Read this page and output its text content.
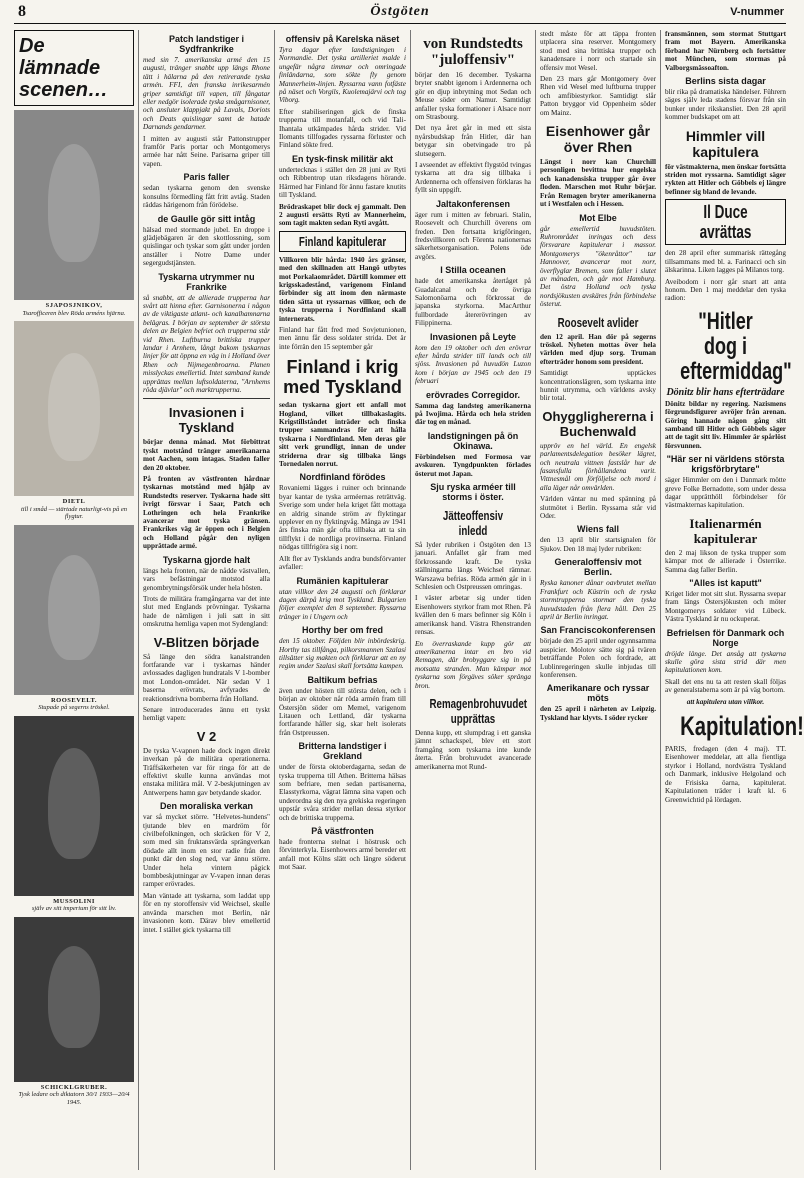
8	Östgöten	V-nummer
De lämnade scenen…
SJAPOSJNIKOV,
Tsarofficeren blev Röda arméns hjärna.
DIETL
till i småd — stärtade naturligt-vis på en flygtur.
ROOSEVELT.
Stupade på segerns tröskel.
MUSSOLINI
själv av sitt imperium för sitt liv.
SCHICKLGRUBER.
Tysk ledare och diktatorn 30/1 1933—20/4 1945.
Patch landstiger i Sydfrankrike

med sin 7. amerikanska armé den 15 augusti, tränger snabbt upp längs Rhone tätt i hälarna på den retirerande tyska armén. FFI, den franska inrikesarmén griper samtidigt till vapen, till fångatar eller nedgör isolerade tyska smågarnisoner, och ansluter klappjakt på Lavals, Doriots och Deats quislingar samt de hatade Darnands gendarmer.

I mitten av augusti står Pattonstrupper framför Paris portar och Montgomerys armée har nått Seine. Parisarna griper till vapen.

Paris faller

sedan tyskarna genom den svenske konsulns förmedling fått fritt avtåg. Staden räddas härigenom från förödelse.

de Gaulle gör sitt intåg

hälsad med stormande jubel. En droppe i glädjebägaren är den skottlossning, som quislingar och tyskar som gått under jorden anställer i Notre Dame under segergudstjänsten.

Tyskarna utrymmer nu Frankrike

så snabbt, att de allierade trupperna har svårt att hinna efter. Garnisonerna i någon av de viktigaste atlant- och kanalhamnarna belägras. I början av september är största delen av Belgien befriet och trupperna står vid Rhen. Luftburna brittiska trupper landar i Arnhem, långt bakom tyskarnas linjer för att öppna en väg in i Holland över Rhen och Nijmegenbroarna. Planen misslyckas emellertid. Intet samband kunde upprättas mellan luftsoldaterna, "Arnhems röda djävlar" och marktrupperna.

Invasionen i Tyskland

börjar denna månad. Mot förbittrat tyskt motstånd tränger amerikanarna mot Aachen, som intagas. Staden faller den 20 oktober.

På fronten av västfronten hårdnar tyskarnas motstånd med hjälp av Rundstedts reserver. Tyskarna hade sitt ivrigt försvar i Saar, Patch och Lothringen och hela Frankrike avancerar mot tyska gränsen. Frankrikes väg är öppen och i Belgien och Holland pågår den nyligen upprättade armé.

Tyskarna gjorde halt

längs hela fronten, när de nådde västvallen, vars befästningar motstod alla genombrytningsförsök under hela hösten.

Trots de militära framgångarna var det inte slut med Englands prövningar. Tyskarna hade de nämligen i juli satt in sitt omskrutna hemliga vapen mot Sydengland:

V-Blitzen började

Så länge den södra kanalstranden fortfarande var i tyskarnas händer avlossades dagligen hundratals V 1-bomber mot London-området. När sedan V 1 baserna erövrats, avfyrades de reaktionsdrivna bomberna från Holland.

Senare introducerades ännu ett tyskt hemligt vapen:

V 2

De tyska V-vapnen hade dock ingen direkt inverkan på de militära operationerna. Träffsäkerheten var för ringa för att de effektivt skulle kunna användas mot enstaka militära mål. V 2-beskjutningen av Antwerpens hamn gav betydande skador.

Den moraliska verkan

var så mycket större. "Helvetes-hundens" tjutande blev en mardröm för civilbefolkningen, och skräcken för V 2, som med sin fruktansvärda sprängverkan dödade allt inom en stor radie från den punkt där den slog ned, var ännu större. Under hela vintern pågick bombbeskjutningar av V-vapen innan deras ramper erövrades.

Man väntade att tyskarna, som laddat upp för en ny storoffensiv vid Weichsel, skulle använda marschen mot Berlin, när invasionen kom. Därav blev emellertid intet. I stället gick tyskarna till

offensiv på Karelska näset

Tyra dagar efter landstigningen i Normandie. Det tyska artilleriet malde i ungefär några timmar och omringade finländarna, som sökte fly genom Mannerheim-linjen. Ryssarna vann fotfäste på näset och Vorgils, Kuolemajärvi och tog Viborg.

Efter stabiliseringen gick de finska trupperna till motanfall, och vid Tali-Ihantala utkämpades hårda strider. Vid Ilomants tillfogades ryssarna förluster och Finland sökte fred.

En tysk-finsk militär akt

undertecknas i stället den 28 juni av Ryti och Ribbentrop utan riksdagens hörande. Härmed har Finland för ännu fastare knutits till Tyskland.

Brödraskapet blir dock ej gammalt. Den 2 augusti ersätts Ryti av Mannerheim, som tagit makten sedan Ryti avgått.

Finland kapitulerar

Villkoren blir hårda: 1940 års gränser, med den skillnaden att Hangö utbytes mot Porkalaområdet. Därtill kommer ett krigsskadestånd, varigenom Finland förbinder sig att inom den närmaste tiden sätta ut ryssarnas villkor, och de tyska trupperna i Nordfinland skall internerats.

Finland har fått fred med Sovjetunionen, men ännu får dess soldater strida. Det är inte förrän den 15 september går

Finland i krig med Tyskland

sedan tyskarna gjort ett anfall mot Hogland, vilket tillbakaslagits. Krigstillståndet inträder och finska trupper sammandras för att hålla tyskarna i Nordfinland. Men deras gör sitt verk grundligt, innan de under striderna drar sig tillbaka längs Tornedalen norrut.

Nordfinland förödes

Rovaniemi lägges i ruiner och brinnande byar kantar de tyska arméernas reträttväg. Sverige som under hela kriget fått mottaga en aldrig sinande ström av flyktingar upplever en ny flyktingvåg. Många av 1941 års finska män går ofta tillbaka att ta sin tillflykt i de nordliga provinserna. Finland nödgas tillfrigöra sig i norr.

Allt fler av Tysklands andra bundsförvanter avfaller:

Rumänien kapitulerar

utan villkor den 24 augusti och förklarar dagen därpå krig mot Tyskland. Bulgarien följer exemplet den 8 september. Ryssarna tränger in i Ungern och

Horthy ber om fred

den 15 oktober. Följden blir inbördeskrig. Horthy tas tillfånga, pilkorsmannen Szalasi tillsätter sig makten och förklarar att en ny regim under Szalasi skall fortsätta kampen.

Baltikum befrias

även under hösten till största delen, och i början av oktober når röda armén fram till Östersjön söder om Memel, varigenom Litauen och Lettland, där tyskarna fortfarande håller sig, skar helt isolerats från Ostpreussen.

Britterna landstiger i Grekland

under de första oktoberdagarna, sedan de tyska trupperna till Athen. Britterna hälsas som befriare, men sedan partisanerna, Elasstyrkorna, vägrat lämna sina vapen och underordna sig den nya grekiska regeringen uppstår svåra strider mellan dessa styrkor och de brittiska trupperna.

På västfronten

hade fronterna stelnat i höstrusk och förvinterkyla. Eisenhowers armé bereder ett anfall mot Kölns slätt och längre söderut mot Saar.

von Rundstedts "juloffensiv"

börjar den 16 december. Tyskarna bryter snabbt igenom i Ardennerna och gör en djup inbrytning mot Sedan och Meuse söder om Namur. Samtidigt anfaller tyska formationer i Alsace norr om Strasbourg.

Det nya året går in med ett sista nyårsbudskap från Hitler, där han betygar sin obetvingade tro på slutsegern.

I avseendet av effektivt flygstöd tvingas tyskarna att dra sig tillbaka i Ardennerna och offensiven förklaras ha fyllt sin uppgift.

Jaltakonferensen

äger rum i mitten av februari. Stalin, Roosevelt och Churchill överens om freden. Den fortsatta krigföringen, fredsvillkoren och Förenta nationernas säkerhetsorganisation. Polens öde avgörs.

I Stilla oceanen

hade det amerikanska återtåget på Guadalcanal och de övriga Salomonöarna och förkrossat de japanska styrkorna. MacArthur fullbordade återerövringen av Filippinerna.

Invasionen på Leyte

kom den 19 oktober och den erövrar efter hårda strider till lands och till sjöss. Invasionen på huvudön Luzon kom i början av 1945 och den 19 februari

erövrades Corregidor.

Samma dag landsteg amerikanerna på Iwojima. Hårda och hela striden där tog en månad.

landstigningen på ön Okinawa.

Förbindelsen med Formosa var avskuren. Tyngdpunkten förlades österut mot Japan.

Sju ryska arméer till storms i öster.
Jätteoffensiv inledd

Så lyder rubriken i Östgöten den 13 januari. Anfallet går fram med förkrossande kraft. De tyska ställningarna längs Weichsel rämnar. Warszawa befrias. Röda armén går in i Schlesien och Ostpreussen omringas.

I väster arbetar sig under tiden Eisenhowers styrkor fram mot Rhen. På kvällen den 6 mars befinner sig Köln i amerikansk hand. Västra Rhenstranden rensas.

En överraskande kupp gör att amerikanerna intar en bro vid Remagen, där brobyggare sig in på motsatta stranden. Man kämpar mot tyskarna som förgäves söker spränga bron.

Remagenbrohuvudet upprättas

Denna kupp, ett slumpdrag i ett ganska jämnt schackspel, blev ett stort framgång som tyskarna inte kunde återta. Från brohuvudet avancerade amerikanerna mot Rund-

stedt måste för att täppa fronten utplacera sina reserver. Montgomery stod med sina brittiska trupper och kanadensare i norr och startade sin offensiv mot Wesel.

Den 23 mars går Montgomery över Rhen vid Wesel med luftburna trupper och amfibiestyrkor. Samtidigt slår Patton bryggor vid Oppenheim söder om Mainz.

Eisenhower går över Rhen

Längst i norr kan Churchill personligen bevittna hur engelska och kanadensiska trupper går över floden. Marschen mot Ruhr börjar. Från Remagen bryter amerikanerna ut i Westfalen och i Hessen.

Mot Elbe

går emellertid huvudstöten. Ruhrområdet inringas och dess försvarare kapitulerar i massor. Montgomerys "ökenråttor" tar Hannover, avancerar mot norr, överflyglar Bremen, som faller i slutet av månaden, och går mot Hamburg. Det östra Holland och tyska nordsjökusten avskäres från förbindelse österut.

Roosevelt avlider

den 12 april. Han dör på segerns tröskel. Nyheten mottas över hela världen med djup sorg. Truman efterträder honom som president.

Samtidigt upptäckes koncentrationslägren, som tyskarna inte hunnit utrymma, och världens avsky blir total.

Ohygglighererna i Buchenwald

uppröv en hel värld. En engelsk parlamentsdelegation besöker lägret, och neutrala vittnen fastslår hur de fasansfulla förhållandena varit. Vittnesmål om förföljelse och mord i alla läger når omvärlden.

Världen väntar nu med spänning på slutmötet i Berlin. Ryssarna står vid Oder.

Wiens fall

den 13 april blir startsignalen för Sjukov. Den 18 maj lyder rubriken:

Generaloffensiv mot Berlin.

Ryska kanoner dånar oavbrutet mellan Frankfurt och Küstrin och de ryska stormtrupperna stormar den tyska huvudstaden från flera håll. Den 25 april är Berlin inringat.

San Franciscokonferensen

började den 25 april under ogynnsamma auspicier. Molotov sätte sig på tvären beträffande Polen och fordrade, att Lublinregeringen skulle inbjudas till konferensen.

Amerikanare och ryssar möts

den 25 april i närheten av Leipzig. Tyskland har klyvts. I söder rycker

fransmännen, som stormat Stuttgart fram mot Bayern. Amerikanska förband har Nürnberg och fortsätter mot München, som stormas på Valborgsmässoafton.

Berlins sista dagar

blir rika på dramatiska händelser. Führern säges själv leda stadens försvar från sin bunker under rikskansliet. Den 28 april kommer budskapet om att

Himmler vill kapitulera

för västmakterna, men önskar fortsätta striden mot ryssarna. Samtidigt säger rykten att Hitler och Göbbels ej längre befinner sig bland de levande.

Il Duce avrättas

den 28 april efter summarisk rättegång tillsammans med bl. a. Farinacci och sin älskarinna. Liken lagges på Milanos torg.

Aveibodom i norr går snart att anta honom. Den 1 maj meddelar den tyska radion:

"Hitler dog i eftermiddag"
Dönitz blir hans efterträdare

Dönitz bildar ny regering. Nazismens förgrundsfigurer avröjer från arenan. Göring hannade någon gång sitt samband till Hitler och Göbbels säger att de tagit sitt liv. Himmler är spårlöst försvunnen.

"Här ser ni världens största krigsförbrytare"

säger Himmler om den i Danmark mötte greve Folke Bernadotte, som under dessa dagar upprätthöll förbindelser för västmakternas kapitulation.

Italienarmén kapitulerar

den 2 maj likson de tyska trupper som kämpar mot de allierade i Österrike. Samma dag faller Berlin.

"Alles ist kaputt"

Kriget lider mot sitt slut. Ryssarna svepar fram längs Östersjökusten och möter Montgomerys soldater vid Lübeck. Västra Tyskland är nu ockuperat.

Befrielsen för Danmark och Norge

dröjde länge. Det ansåg att tyskarna skulle göra sista strid där men kapitulationen kom.

Skall det ens nu ta att resten skall följas av generalstaberna som är på väg bortom.

att kapitulera utan villkor.

Kapitulation!

PARIS, fredagen (den 4 maj). TT. Eisenhower meddelar, att alla fientliga styrkor i Holland, nordvästra Tyskland och Danmark, inklusive Helgoland och de Frisiska öarna, kapitulerat. Kapitulationen träder i kraft kl. 6 Greenwichtid på lördagen.
